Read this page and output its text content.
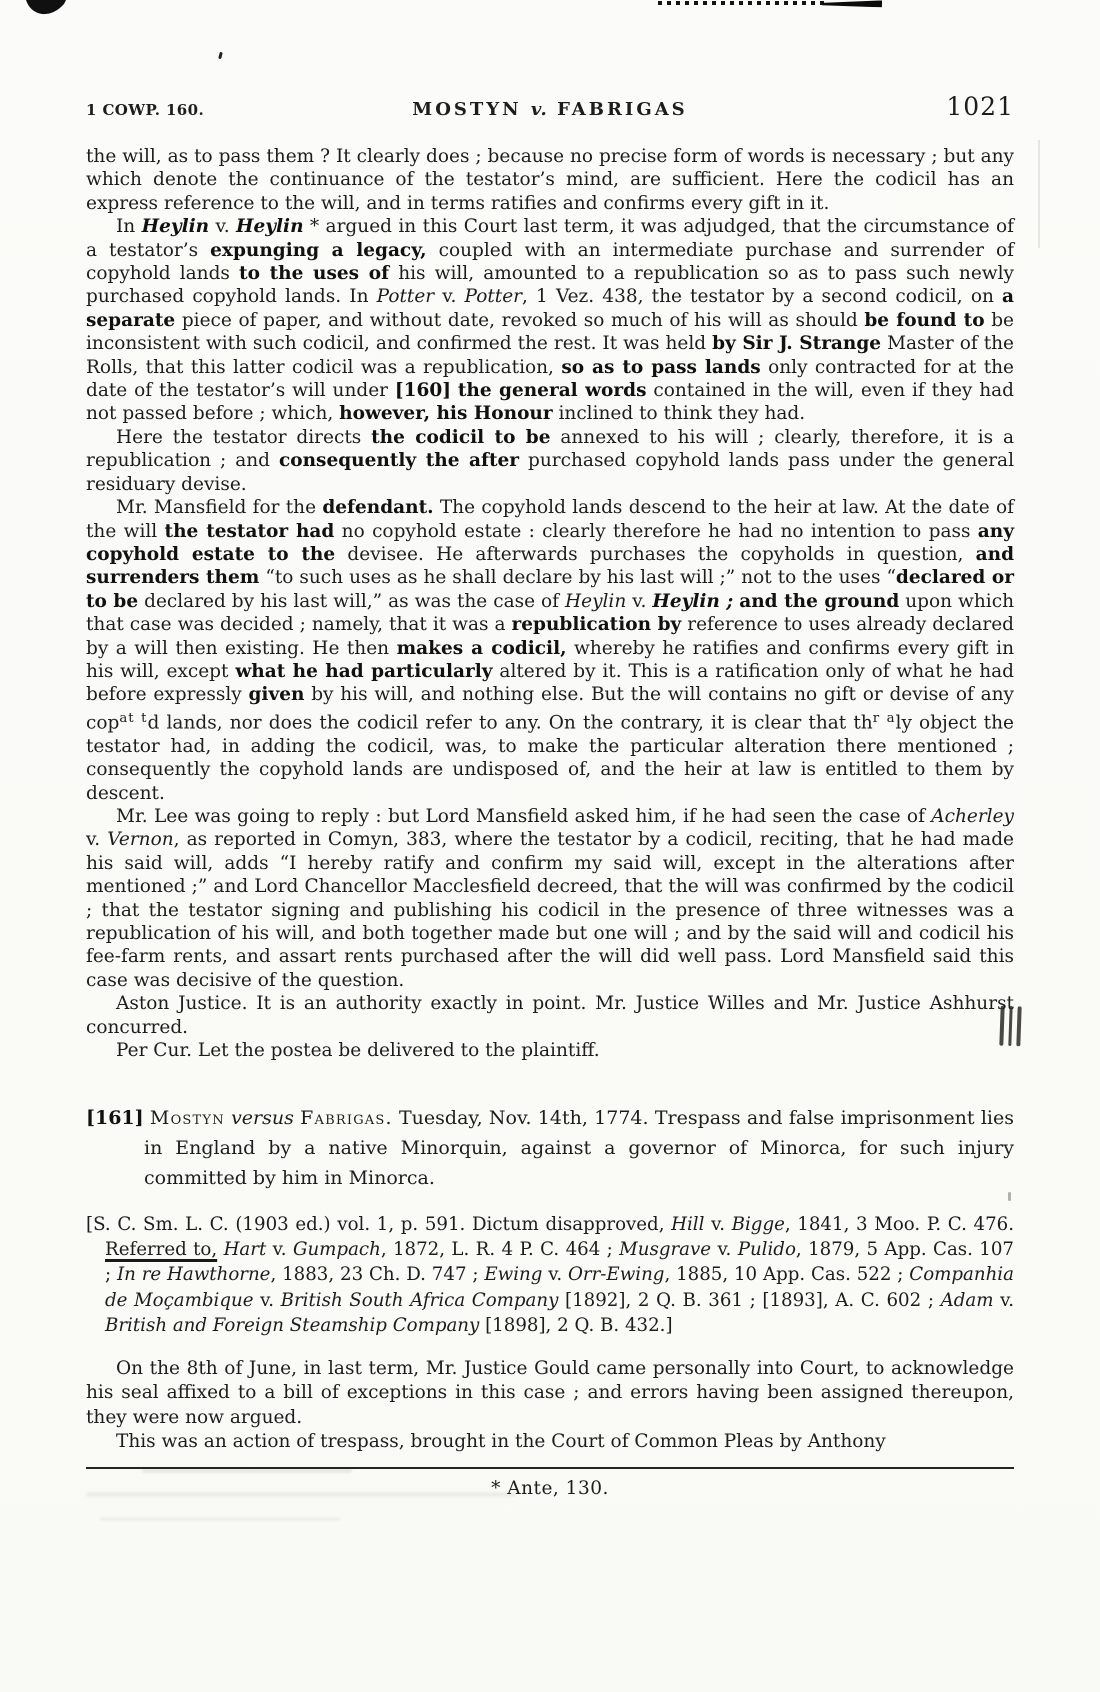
1 COWP. 160.	MOSTYN v. FABRIGAS	1021

the will, as to pass them ? It clearly does ; because no precise form of words is necessary ; but any which denote the continuance of the testator’s mind, are sufficient. Here the codicil has an express reference to the will, and in terms ratifies and confirms every gift in it.

In Heylin v. Heylin * argued in this Court last term, it was adjudged, that the circumstance of a testator’s expunging a legacy, coupled with an intermediate purchase and surrender of copyhold lands to the uses of his will, amounted to a republication so as to pass such newly purchased copyhold lands. In Potter v. Potter, 1 Vez. 438, the testator by a second codicil, on a separate piece of paper, and without date, revoked so much of his will as should be found to be inconsistent with such codicil, and confirmed the rest. It was held by Sir J. Strange Master of the Rolls, that this latter codicil was a republication, so as to pass lands only contracted for at the date of the testator’s will under [160] the general words contained in the will, even if they had not passed before ; which, however, his Honour inclined to think they had.

Here the testator directs the codicil to be annexed to his will ; clearly, therefore, it is a republication ; and consequently the after purchased copyhold lands pass under the general residuary devise.

Mr. Mansfield for the defendant. The copyhold lands descend to the heir at law. At the date of the will the testator had no copyhold estate : clearly therefore he had no intention to pass any copyhold estate to the devisee. He afterwards purchases the copyholds in question, and surrenders them “to such uses as he shall declare by his last will ;” not to the uses “declared or to be declared by his last will,” as was the case of Heylin v. Heylin ; and the ground upon which that case was decided ; namely, that it was a republication by reference to uses already declared by a will then existing. He then makes a codicil, whereby he ratifies and confirms every gift in his will, except what he had particularly altered by it. This is a ratification only of what he had before expressly given by his will, and nothing else. But the will contains no gift or devise of any cop$^{at t}$d lands, nor does the codicil refer to any. On the contrary, it is clear that $th^{r a}ly$ object the testator had, in adding the codicil, was, to make the particular alteration there mentioned ; consequently the copyhold lands are undisposed of, and the heir at law is entitled to them by descent.

Mr. Lee was going to reply : but Lord Mansfield asked him, if he had seen the case of Acherley v. Vernon, as reported in Comyn, 383, where the testator by a codicil, reciting, that he had made his said will, adds “I hereby ratify and confirm my said will, except in the alterations after mentioned ;” and Lord Chancellor Macclesfield decreed, that the will was confirmed by the codicil ; that the testator signing and publishing his codicil in the presence of three witnesses was a republication of his will, and both together made but one will ; and by the said will and codicil his fee-farm rents, and assart rents purchased after the will did well pass. Lord Mansfield said this case was decisive of the question.

Aston Justice. It is an authority exactly in point. Mr. Justice Willes and Mr. Justice Ashhurst concurred.

Per Cur. Let the postea be delivered to the plaintiff.

[161] Mostyn versus Fabrigas. Tuesday, Nov. 14th, 1774. Trespass and false imprisonment lies in England by a native Minorquin, against a governor of Minorca, for such injury committed by him in Minorca.

[S. C. Sm. L. C. (1903 ed.) vol. 1, p. 591. Dictum disapproved, Hill v. Bigge, 1841, 3 Moo. P. C. 476. Referred to, Hart v. Gumpach, 1872, L. R. 4 P. C. 464 ; Musgrave v. Pulido, 1879, 5 App. Cas. 107 ; In re Hawthorne, 1883, 23 Ch. D. 747 ; Ewing v. Orr-Ewing, 1885, 10 App. Cas. 522 ; Companhia de Moçambique v. British South Africa Company [1892], 2 Q. B. 361 ; [1893], A. C. 602 ; Adam v. British and Foreign Steamship Company [1898], 2 Q. B. 432.]

On the 8th of June, in last term, Mr. Justice Gould came personally into Court, to acknowledge his seal affixed to a bill of exceptions in this case ; and errors having been assigned thereupon, they were now argued.

This was an action of trespass, brought in the Court of Common Pleas by Anthony

* Ante, 130.
